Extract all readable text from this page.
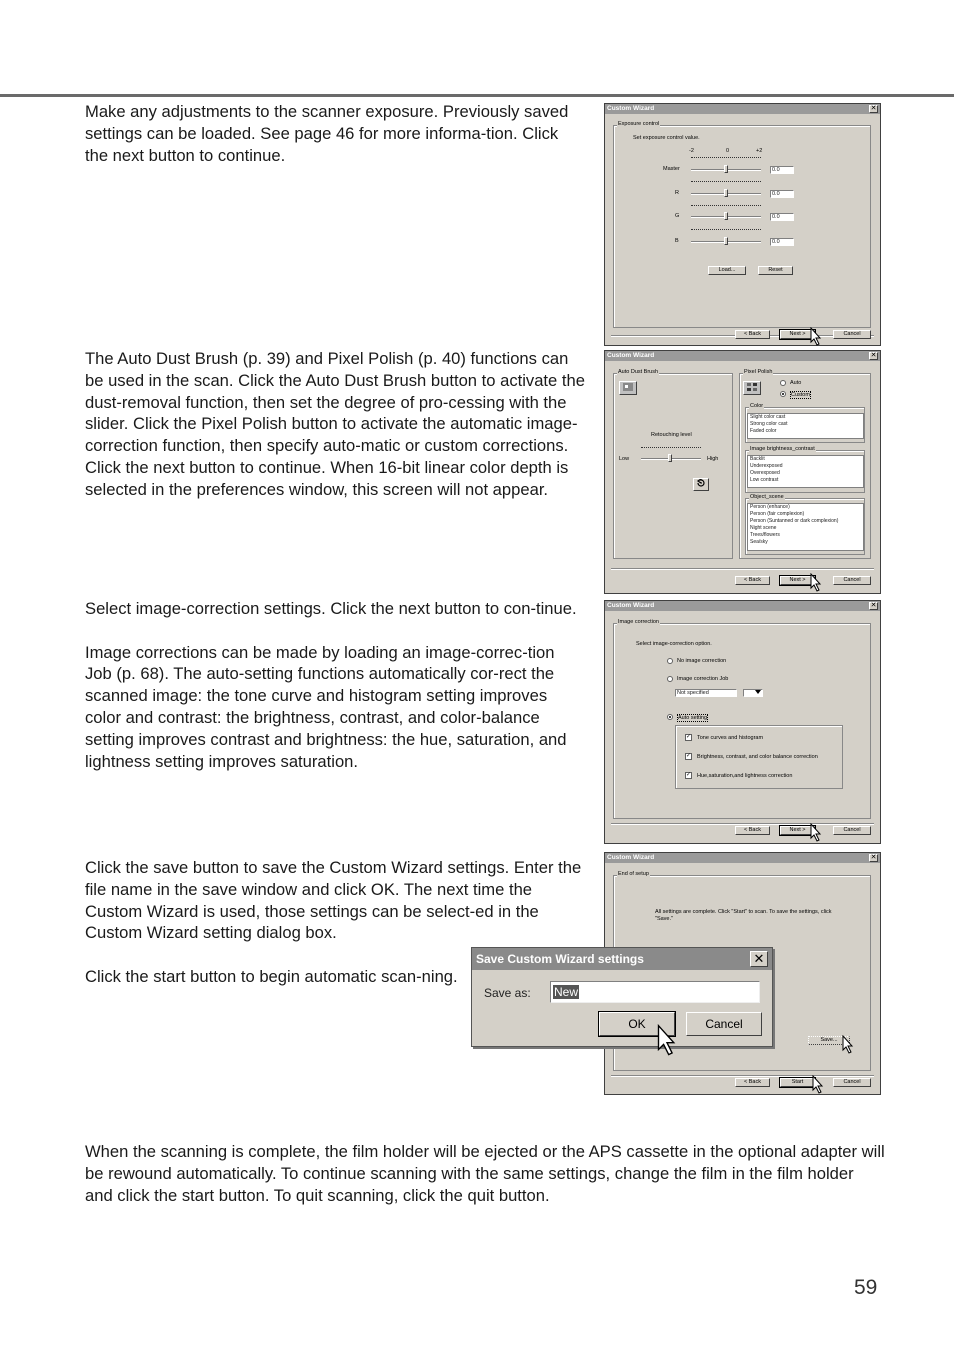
Make any adjustments to the scanner exposure. Previously saved settings can be loaded. See page 46 for more informa-tion. Click the next button to continue.

The Auto Dust Brush (p. 39) and Pixel Polish (p. 40) functions can be used in the scan. Click the Auto Dust Brush button to activate the dust-removal function, then set the degree of pro-cessing with the slider. Click the Pixel Polish button to activate the automatic image-correction function, then specify auto-matic or custom corrections. Click the next button to continue. When 16-bit linear color depth is selected in the preferences window, this screen will not appear.

Select image-correction settings. Click the next button to con-tinue.

Image corrections can be made by loading an image-correc-tion Job (p. 68). The auto-setting functions automatically cor-rect the scanned image: the tone curve and histogram setting improves color and contrast: the brightness, contrast, and color-balance setting improves contrast and brightness: the hue, saturation, and lightness setting improves saturation.

Click the save button to save the Custom Wizard settings. Enter the file name in the save window and click OK. The next time the Custom Wizard is used, those settings can be select-ed in the Custom Wizard setting dialog box.

Click the start button to begin automatic scan-ning.

When the scanning is complete, the film holder will be ejected or the APS cassette in the optional adapter will be rewound automatically. To continue scanning with the same settings, change the film in the film holder and click the start button. To quit scanning, click the quit button.

59
Custom Wizard	✕
Exposure control
Set exposure control value.
-2	0	+2
Master	0.0
R	0.0
G	0.0
B	0.0
Load...	Reset
< Back	Next >	Cancel
Custom Wizard	✕
Auto Dust Brush
Retouching level
Low	High
Pixel Polish
Auto
Custom
Color
Slight color cast
Strong color cast
Faded color
Image brightness_contrast
Backlit
Underexposed
Overexposed
Low contrast
Object_scene
Person (enhance)
Person (fair complexion)
Person (Suntanned or dark complexion)
Night scene
Trees/flowers
Sea/sky
< Back	Next >	Cancel
Custom Wizard	✕
Image correction
Select image-correction option.
No image correction
Image correction Job
Not specified
Auto setting
✓ Tone curves and histogram
✓ Brightness, contrast, and color balance correction
✓ Hue,saturation,and lightness correction
< Back	Next >	Cancel
Custom Wizard	✕
End of setup
All settings are complete. Click "Start" to scan. To save the settings, click "Save."
Save...
< Back	Start	Cancel
Save Custom Wizard settings	✕
Save as:	New
OK	Cancel
